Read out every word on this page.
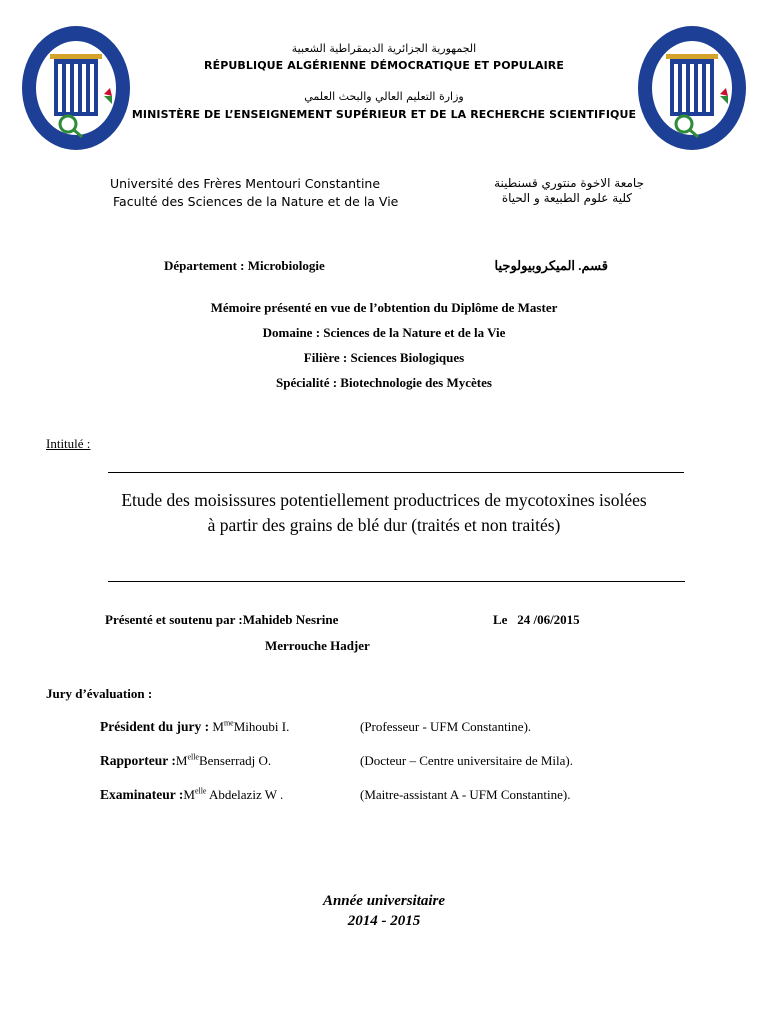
الجمهورية الجزائرية الديمقراطية الشعبية
RÉPUBLIQUE ALGÉRIENNE DÉMOCRATIQUE ET POPULAIRE
وزارة التعليم العالي والبحث العلمي
MINISTÈRE DE L’ENSEIGNEMENT SUPÉRIEUR ET DE LA RECHERCHE SCIENTIFIQUE
Université des Frères Mentouri Constantine
Faculté des Sciences de la Nature et de la Vie
جامعة الاخوة منتوري قسنطينة
كلية علوم الطبيعة و الحياة
Département : Microbiologie	قسم. الميكروبيولوجيا
Mémoire présenté en vue de l’obtention du Diplôme de Master
Domaine : Sciences de la Nature et de la Vie
Filière : Sciences Biologiques
Spécialité : Biotechnologie des Mycètes
Intitulé :
Etude des moisissures potentiellement productrices de mycotoxines isolées
à partir des grains de blé dur (traités et non traités)
Présenté et soutenu par :Mahideb Nesrine	Le 24 /06/2015
Merrouche Hadjer
Jury d’évaluation :
Président du jury : $M^{me}Mihoubi$ I.	(Professeur - UFM Constantine).
Rapporteur $:M^{elle}Benserradj$ O.	(Docteur – Centre universitaire de Mila).
Examinateur $:M^{elle}$ Abdelaziz W .	(Maitre-assistant A - UFM Constantine).
Année universitaire
2014 - 2015
